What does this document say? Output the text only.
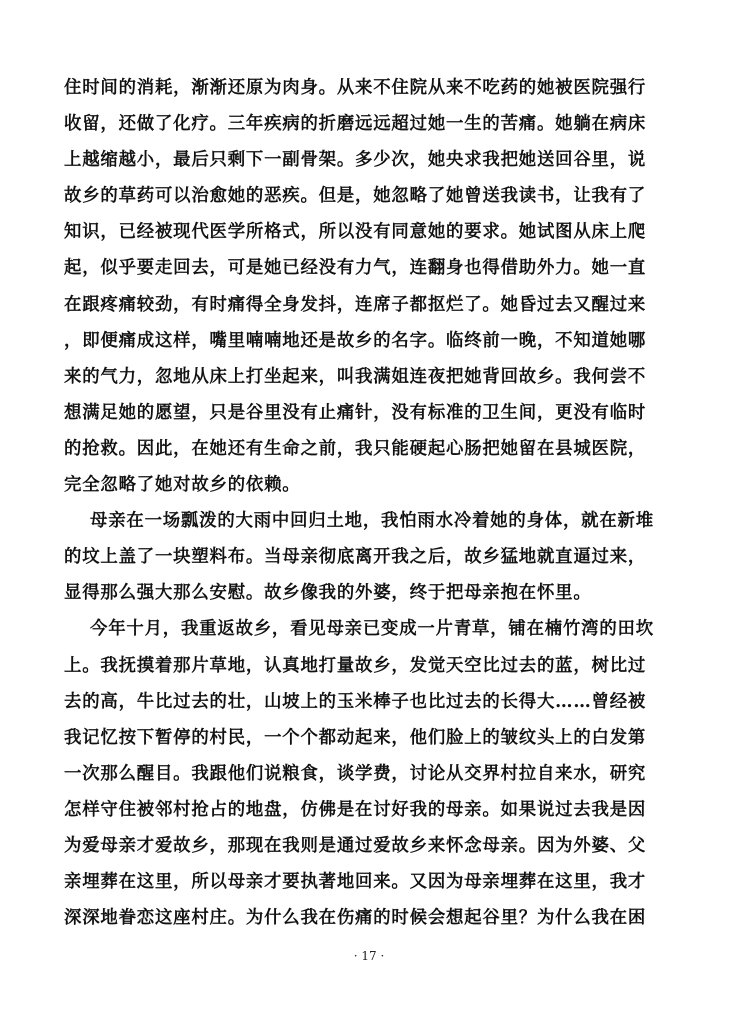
住时间的消耗，渐渐还原为肉身。从来不住院从来不吃药的她被医院强行
收留，还做了化疗。三年疾病的折磨远远超过她一生的苦痛。她躺在病床
上越缩越小，最后只剩下一副骨架。多少次，她央求我把她送回谷里，说
故乡的草药可以治愈她的恶疾。但是，她忽略了她曾送我读书，让我有了
知识，已经被现代医学所格式，所以没有同意她的要求。她试图从床上爬
起，似乎要走回去，可是她已经没有力气，连翻身也得借助外力。她一直
在跟疼痛较劲，有时痛得全身发抖，连席子都抠烂了。她昏过去又醒过来
，即便痛成这样，嘴里喃喃地还是故乡的名字。临终前一晚，不知道她哪
来的气力，忽地从床上打坐起来，叫我满姐连夜把她背回故乡。我何尝不
想满足她的愿望，只是谷里没有止痛针，没有标准的卫生间，更没有临时
的抢救。因此，在她还有生命之前，我只能硬起心肠把她留在县城医院，
完全忽略了她对故乡的依赖。
母亲在一场瓢泼的大雨中回归土地，我怕雨水冷着她的身体，就在新堆
的坟上盖了一块塑料布。当母亲彻底离开我之后，故乡猛地就直逼过来，
显得那么强大那么安慰。故乡像我的外婆，终于把母亲抱在怀里。
今年十月，我重返故乡，看见母亲已变成一片青草，铺在楠竹湾的田坎
上。我抚摸着那片草地，认真地打量故乡，发觉天空比过去的蓝，树比过
去的高，牛比过去的壮，山坡上的玉米棒子也比过去的长得大……曾经被
我记忆按下暂停的村民，一个个都动起来，他们脸上的皱纹头上的白发第
一次那么醒目。我跟他们说粮食，谈学费，讨论从交界村拉自来水，研究
怎样守住被邻村抢占的地盘，仿佛是在讨好我的母亲。如果说过去我是因
为爱母亲才爱故乡，那现在我则是通过爱故乡来怀念母亲。因为外婆、父
亲埋葬在这里，所以母亲才要执著地回来。又因为母亲埋葬在这里，我才
深深地眷恋这座村庄。为什么我在伤痛的时候会想起谷里？为什么我在困
· 17 ·
